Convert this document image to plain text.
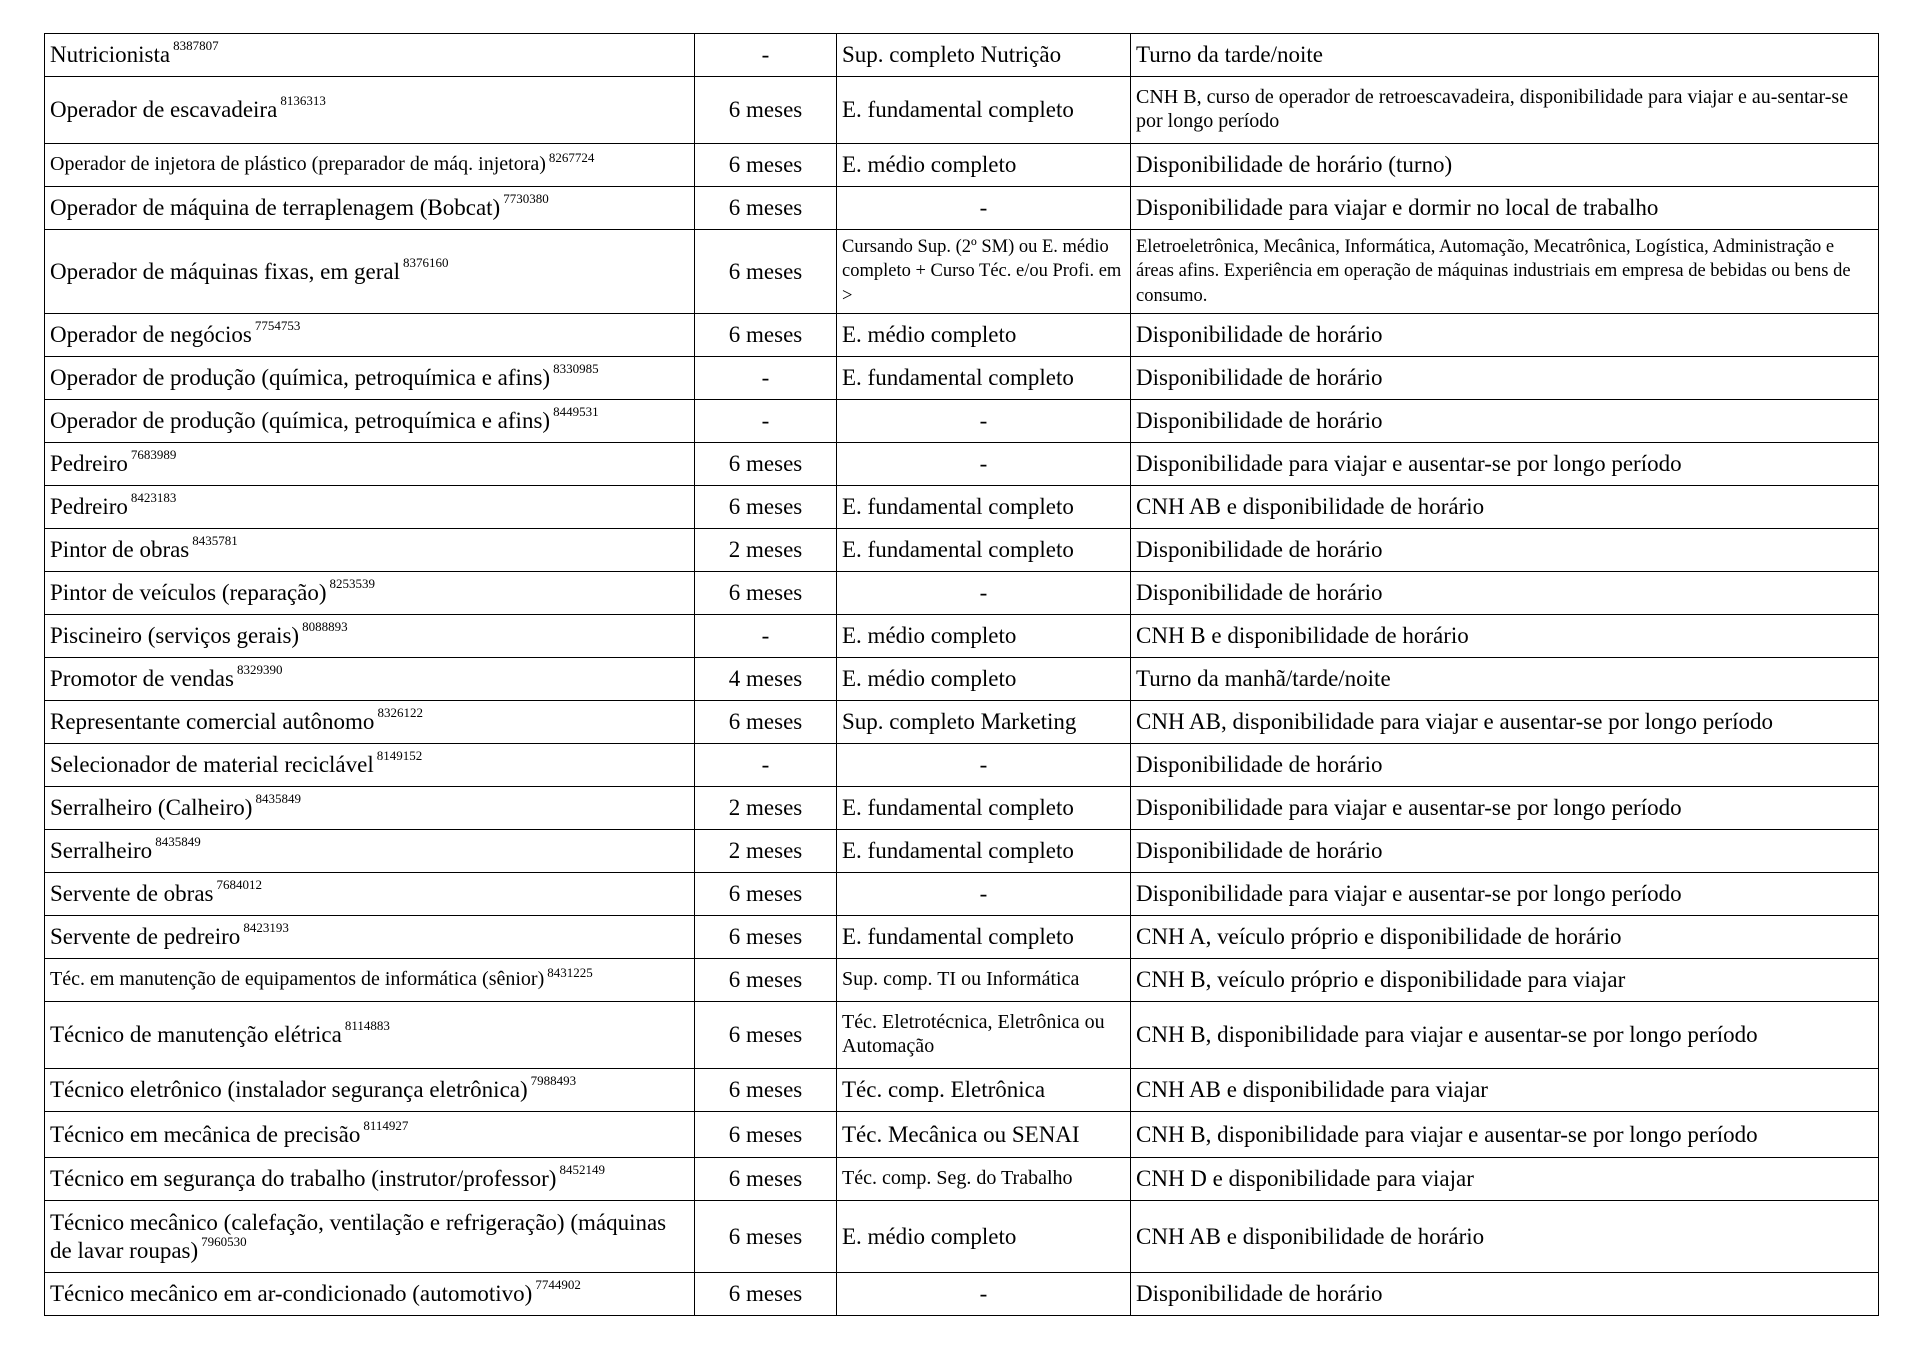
Nutricionista $^{8387807}$	-	Sup. completo Nutrição	Turno da tarde/noite
Operador de escavadeira $^{8136313}$	6 meses	E. fundamental completo	CNH B, curso de operador de retroescavadeira, disponibilidade para viajar e au-sentar-se por longo período
Operador de injetora de plástico (preparador de máq. injetora) $^{8267724}$	6 meses	E. médio completo	Disponibilidade de horário (turno)
Operador de máquina de terraplenagem (Bobcat) $^{7730380}$	6 meses	-	Disponibilidade para viajar e dormir no local de trabalho
Operador de máquinas fixas, em geral $^{8376160}$	6 meses	Cursando Sup. (2º SM) ou E. médio completo + Curso Téc. e/ou Profi. em >	Eletroeletrônica, Mecânica, Informática, Automação, Mecatrônica, Logística, Administração e áreas afins. Experiência em operação de máquinas industriais em empresa de bebidas ou bens de consumo.
Operador de negócios $^{7754753}$	6 meses	E. médio completo	Disponibilidade de horário
Operador de produção (química, petroquímica e afins) $^{8330985}$	-	E. fundamental completo	Disponibilidade de horário
Operador de produção (química, petroquímica e afins) $^{8449531}$	-	-	Disponibilidade de horário
Pedreiro $^{7683989}$	6 meses	-	Disponibilidade para viajar e ausentar-se por longo período
Pedreiro $^{8423183}$	6 meses	E. fundamental completo	CNH AB e disponibilidade de horário
Pintor de obras $^{8435781}$	2 meses	E. fundamental completo	Disponibilidade de horário
Pintor de veículos (reparação) $^{8253539}$	6 meses	-	Disponibilidade de horário
Piscineiro (serviços gerais) $^{8088893}$	-	E. médio completo	CNH B e disponibilidade de horário
Promotor de vendas $^{8329390}$	4 meses	E. médio completo	Turno da manhã/tarde/noite
Representante comercial autônomo $^{8326122}$	6 meses	Sup. completo Marketing	CNH AB, disponibilidade para viajar e ausentar-se por longo período
Selecionador de material reciclável $^{8149152}$	-	-	Disponibilidade de horário
Serralheiro (Calheiro) $^{8435849}$	2 meses	E. fundamental completo	Disponibilidade para viajar e ausentar-se por longo período
Serralheiro $^{8435849}$	2 meses	E. fundamental completo	Disponibilidade de horário
Servente de obras $^{7684012}$	6 meses	-	Disponibilidade para viajar e ausentar-se por longo período
Servente de pedreiro $^{8423193}$	6 meses	E. fundamental completo	CNH A, veículo próprio e disponibilidade de horário
Téc. em manutenção de equipamentos de informática (sênior) $^{8431225}$	6 meses	Sup. comp. TI ou Informática	CNH B, veículo próprio e disponibilidade para viajar
Técnico de manutenção elétrica $^{8114883}$	6 meses	Téc. Eletrotécnica, Eletrônica ou Automação	CNH B, disponibilidade para viajar e ausentar-se por longo período
Técnico eletrônico (instalador segurança eletrônica) $^{7988493}$	6 meses	Téc. comp. Eletrônica	CNH AB e disponibilidade para viajar
Técnico em mecânica de precisão $^{8114927}$	6 meses	Téc. Mecânica ou SENAI	CNH B, disponibilidade para viajar e ausentar-se por longo período
Técnico em segurança do trabalho (instrutor/professor) $^{8452149}$	6 meses	Téc. comp. Seg. do Trabalho	CNH D e disponibilidade para viajar
Técnico mecânico (calefação, ventilação e refrigeração) (máquinas de lavar roupas) $^{7960530}$	6 meses	E. médio completo	CNH AB e disponibilidade de horário
Técnico mecânico em ar-condicionado (automotivo) $^{7744902}$	6 meses	-	Disponibilidade de horário
